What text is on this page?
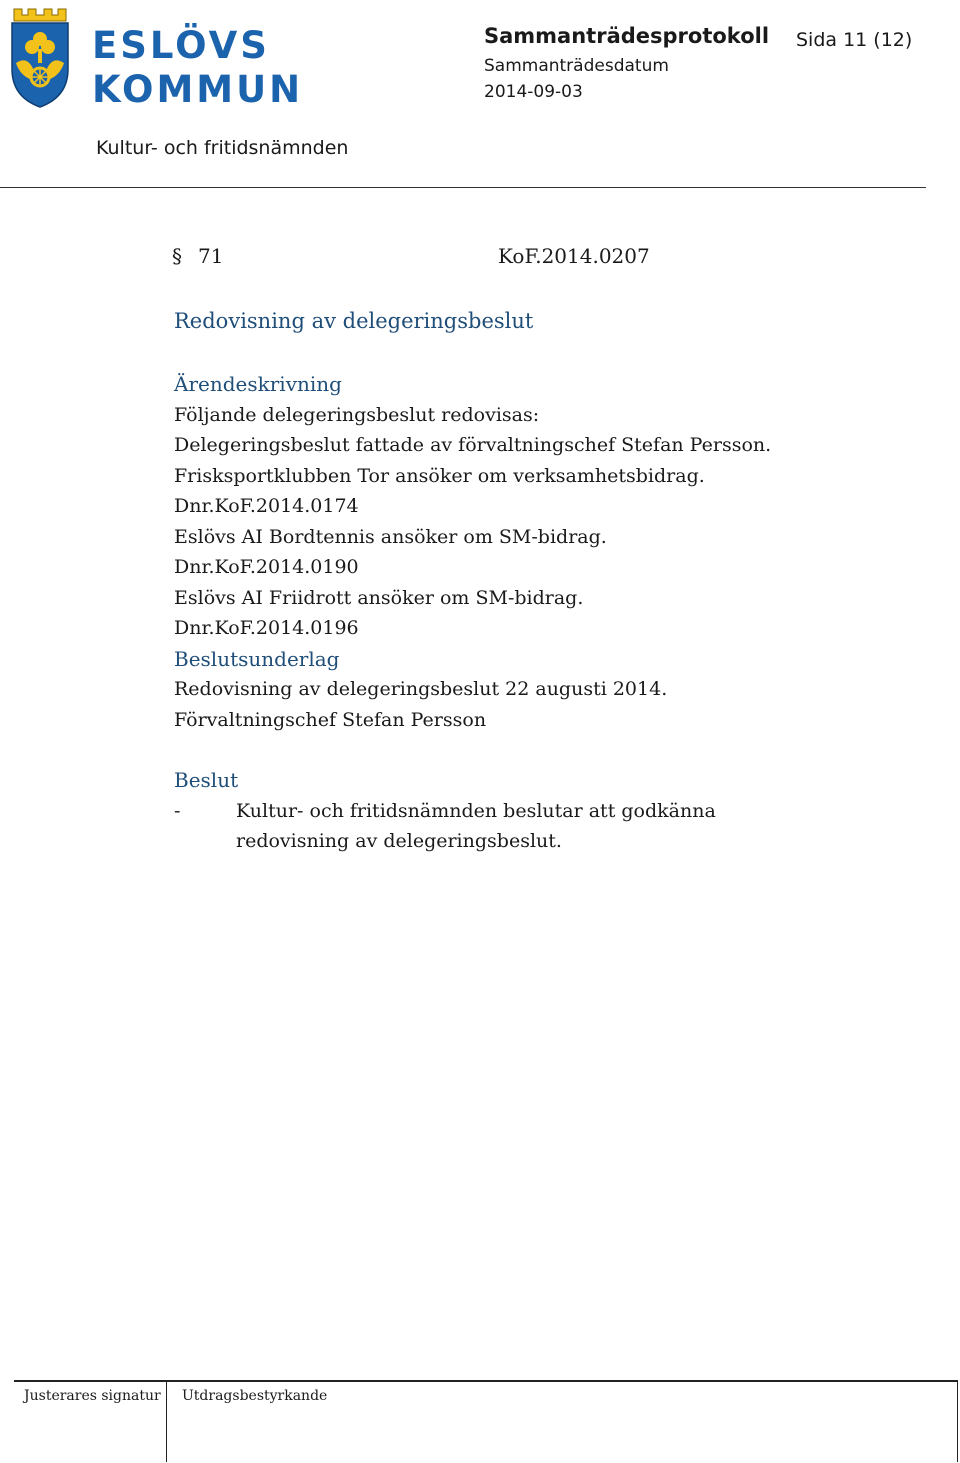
ESLÖVS
KOMMUN
Sammanträdesprotokoll Sida 11 (12)
Sammanträdesdatum
2014-09-03
Kultur- och fritidsnämnden
§ 71	KoF.2014.0207
Redovisning av delegeringsbeslut
Ärendeskrivning
Följande delegeringsbeslut redovisas:
Delegeringsbeslut fattade av förvaltningschef Stefan Persson.
Frisksportklubben Tor ansöker om verksamhetsbidrag.
Dnr.KoF.2014.0174
Eslövs AI Bordtennis ansöker om SM-bidrag.
Dnr.KoF.2014.0190
Eslövs AI Friidrott ansöker om SM-bidrag.
Dnr.KoF.2014.0196
Beslutsunderlag
Redovisning av delegeringsbeslut 22 augusti 2014.
Förvaltningschef Stefan Persson
Beslut
-	Kultur- och fritidsnämnden beslutar att godkänna
redovisning av delegeringsbeslut.
Justerares signatur Utdragsbestyrkande
